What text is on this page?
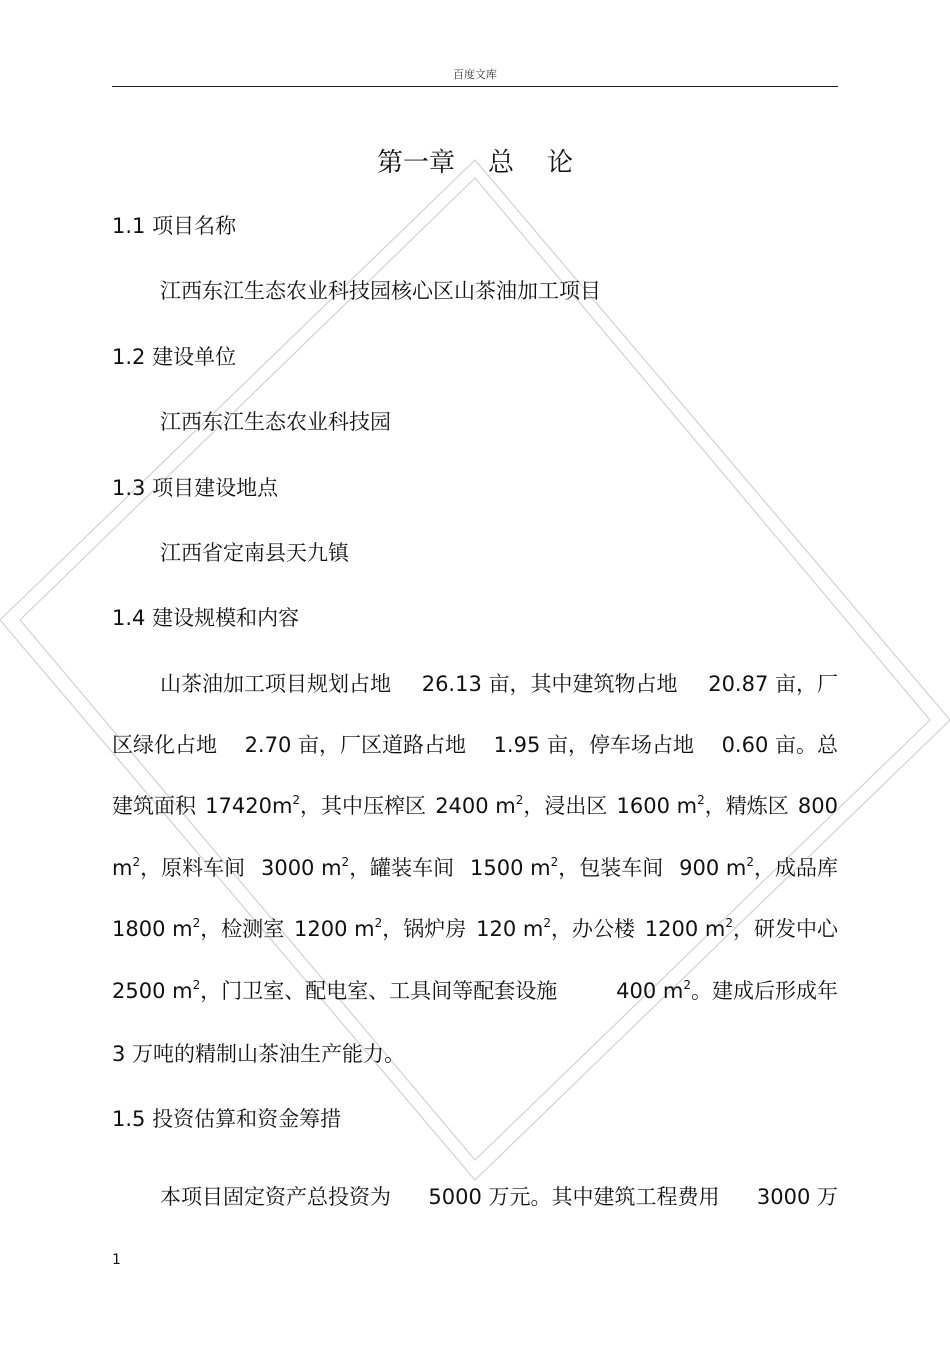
百度文库
第一章    总    论
1.1 项目名称
江西东江生态农业科技园核心区山茶油加工项目
1.2 建设单位
江西东江生态农业科技园
1.3 项目建设地点
江西省定南县天九镇
1.4 建设规模和内容
山茶油加工项目规划占地 26.13 亩，其中建筑物占地 20.87 亩，厂
区绿化占地 2.70 亩，厂区道路占地 1.95 亩，停车场占地 0.60 亩。总
建筑面积 $17420m^2$，其中压榨区 2400 $m^2$，浸出区 1600 $m^2$，精炼区 800
$m^2$，原料车间 3000 $m^2$，罐装车间 1500 $m^2$，包装车间 900 $m^2$，成品库
1800 $m^2$，检测室 1200 $m^2$，锅炉房 120 $m^2$，办公楼 1200 $m^2$，研发中心
2500 $m^2$，门卫室、配电室、工具间等配套设施	400 $m^2$。建成后形成年
3 万吨的精制山茶油生产能力。
1.5 投资估算和资金筹措
本项目固定资产总投资为 5000 万元。其中建筑工程费用 3000 万
1
